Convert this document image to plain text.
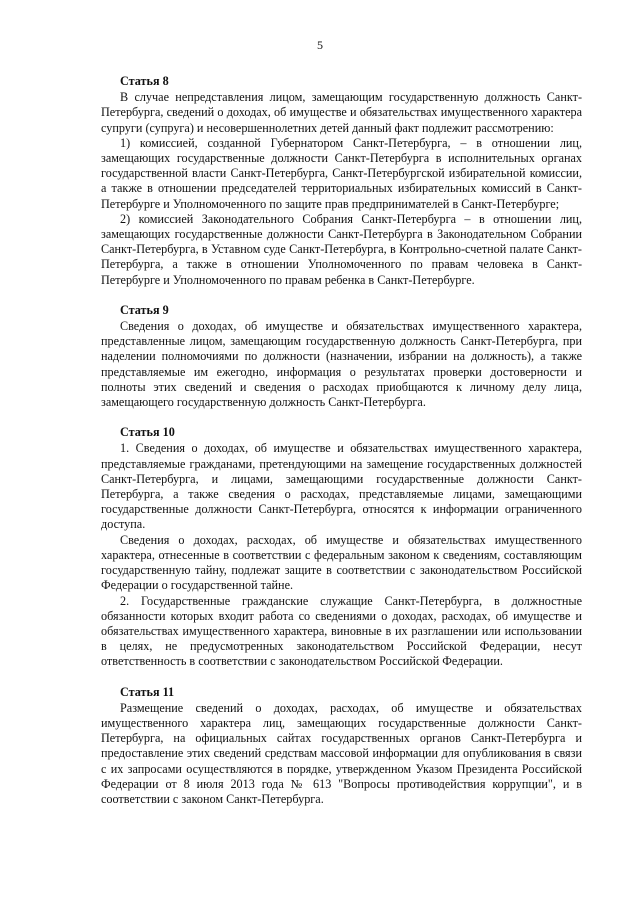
5

Статья 8

В случае непредставления лицом, замещающим государственную должность Санкт-Петербурга, сведений о доходах, об имуществе и обязательствах имущественного характера супруги (супруга) и несовершеннолетних детей данный факт подлежит рассмотрению:

1) комиссией, созданной Губернатором Санкт-Петербурга, – в отношении лиц, замещающих государственные должности Санкт-Петербурга в исполнительных органах государственной власти Санкт-Петербурга, Санкт-Петербургской избирательной комиссии, а также в отношении председателей территориальных избирательных комиссий в Санкт-Петербурге и Уполномоченного по защите прав предпринимателей в Санкт-Петербурге;

2) комиссией Законодательного Собрания Санкт-Петербурга – в отношении лиц, замещающих государственные должности Санкт-Петербурга в Законодательном Собрании Санкт-Петербурга, в Уставном суде Санкт-Петербурга, в Контрольно-счетной палате Санкт-Петербурга, а также в отношении Уполномоченного по правам человека в Санкт-Петербурге и Уполномоченного по правам ребенка в Санкт-Петербурге.

Статья 9

Сведения о доходах, об имуществе и обязательствах имущественного характера, представленные лицом, замещающим государственную должность Санкт-Петербурга, при наделении полномочиями по должности (назначении, избрании на должность), а также представляемые им ежегодно, информация о результатах проверки достоверности и полноты этих сведений и сведения о расходах приобщаются к личному делу лица, замещающего государственную должность Санкт-Петербурга.

Статья 10

1. Сведения о доходах, об имуществе и обязательствах имущественного характера, представляемые гражданами, претендующими на замещение государственных должностей Санкт-Петербурга, и лицами, замещающими государственные должности Санкт-Петербурга, а также сведения о расходах, представляемые лицами, замещающими государственные должности Санкт-Петербурга, относятся к информации ограниченного доступа.

Сведения о доходах, расходах, об имуществе и обязательствах имущественного характера, отнесенные в соответствии с федеральным законом к сведениям, составляющим государственную тайну, подлежат защите в соответствии с законодательством Российской Федерации о государственной тайне.

2. Государственные гражданские служащие Санкт-Петербурга, в должностные обязанности которых входит работа со сведениями о доходах, расходах, об имуществе и обязательствах имущественного характера, виновные в их разглашении или использовании в целях, не предусмотренных законодательством Российской Федерации, несут ответственность в соответствии с законодательством Российской Федерации.

Статья 11

Размещение сведений о доходах, расходах, об имуществе и обязательствах имущественного характера лиц, замещающих государственные должности Санкт-Петербурга, на официальных сайтах государственных органов Санкт-Петербурга и предоставление этих сведений средствам массовой информации для опубликования в связи с их запросами осуществляются в порядке, утвержденном Указом Президента Российской Федерации от 8 июля 2013 года № 613 "Вопросы противодействия коррупции", и в соответствии с законом Санкт-Петербурга.
